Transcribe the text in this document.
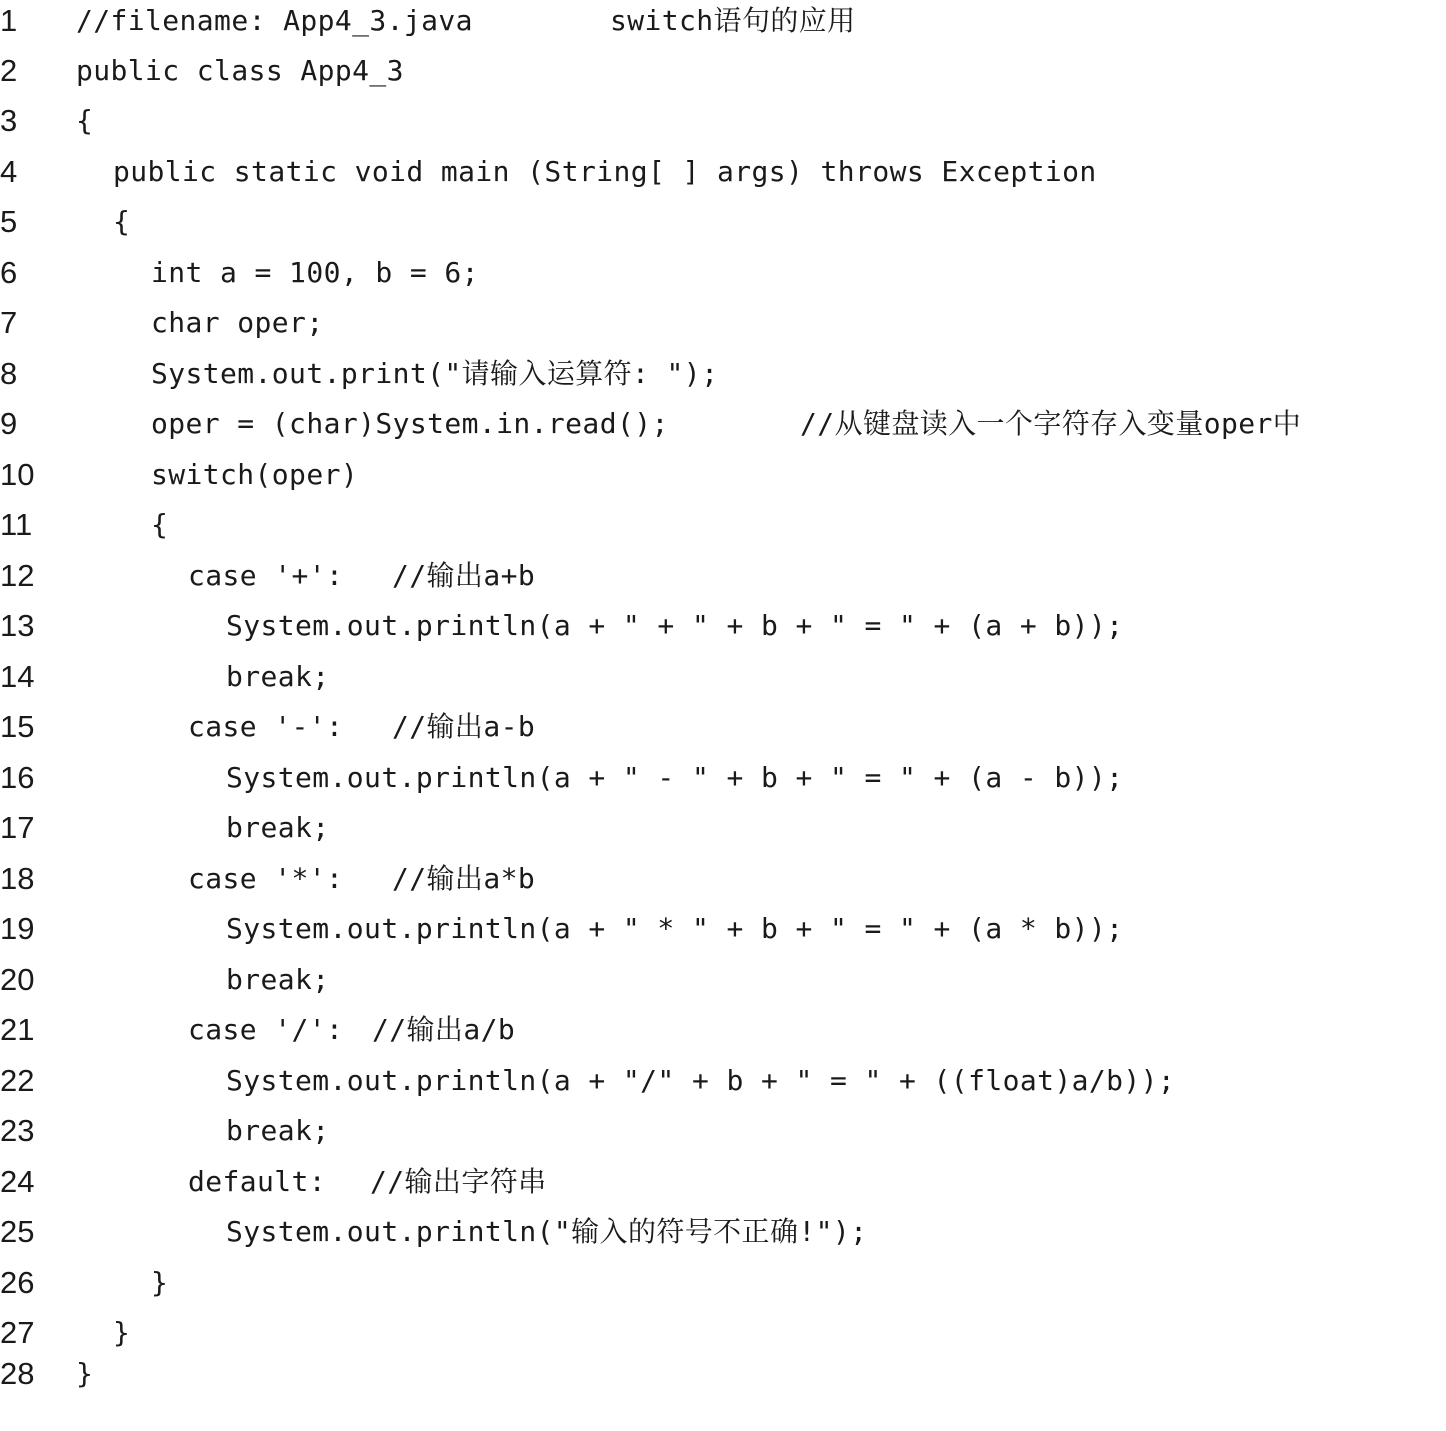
1

//filename: App4_3.java

	switch语句的应用

2

public class App4_3

3

{

4

	public static void main (String[ ] args) throws Exception

5

	{

6

	int a = 100, b = 6;

7

	char oper;

8

	System.out.print("请输入运算符: ");

9

	oper = (char)System.in.read();

	//从键盘读入一个字符存入变量oper中

10

	switch(oper)

11

	{

12

	case '+':

//输出a+b

13

	System.out.println(a + " + " + b + " = " + (a + b));

14

	break;

15

	case '-':

//输出a-b

16

	System.out.println(a + " - " + b + " = " + (a - b));

17

	break;

18

	case '*':

//输出a*b

19

	System.out.println(a + " * " + b + " = " + (a * b));

20

	break;

21

	case '/':

//输出a/b

22

	System.out.println(a + "/" + b + " = " + ((float)a/b));

23

	break;

24

	default:

//输出字符串

25

	System.out.println("输入的符号不正确!");

26

	}

27

	}

28

}
